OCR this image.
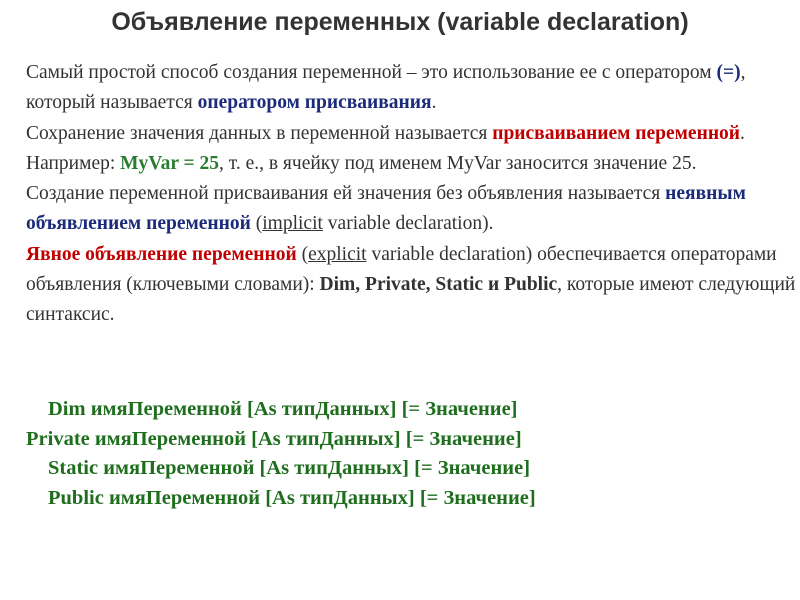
Объявление переменных (variable declaration)

Самый простой способ создания переменной – это использование ее с оператором (=), который называется оператором присваивания.

Сохранение значения данных в переменной называется присваиванием переменной. Например: MyVar = 25, т. е., в ячейку под именем MyVar заносится значение 25.

Создание переменной присваивания ей значения без объявления называется неявным объявлением переменной (implicit variable declaration).

Явное объявление переменной (explicit variable declaration) обеспечивается операторами объявления (ключевыми словами): Dim, Private, Static и Public, которые имеют следующий синтаксис.

Dim имяПеременной [As типДанных] [= Значение]
Private имяПеременной [As типДанных] [= Значение]
Static имяПеременной [As типДанных] [= Значение]
Public имяПеременной [As типДанных] [= Значение]
